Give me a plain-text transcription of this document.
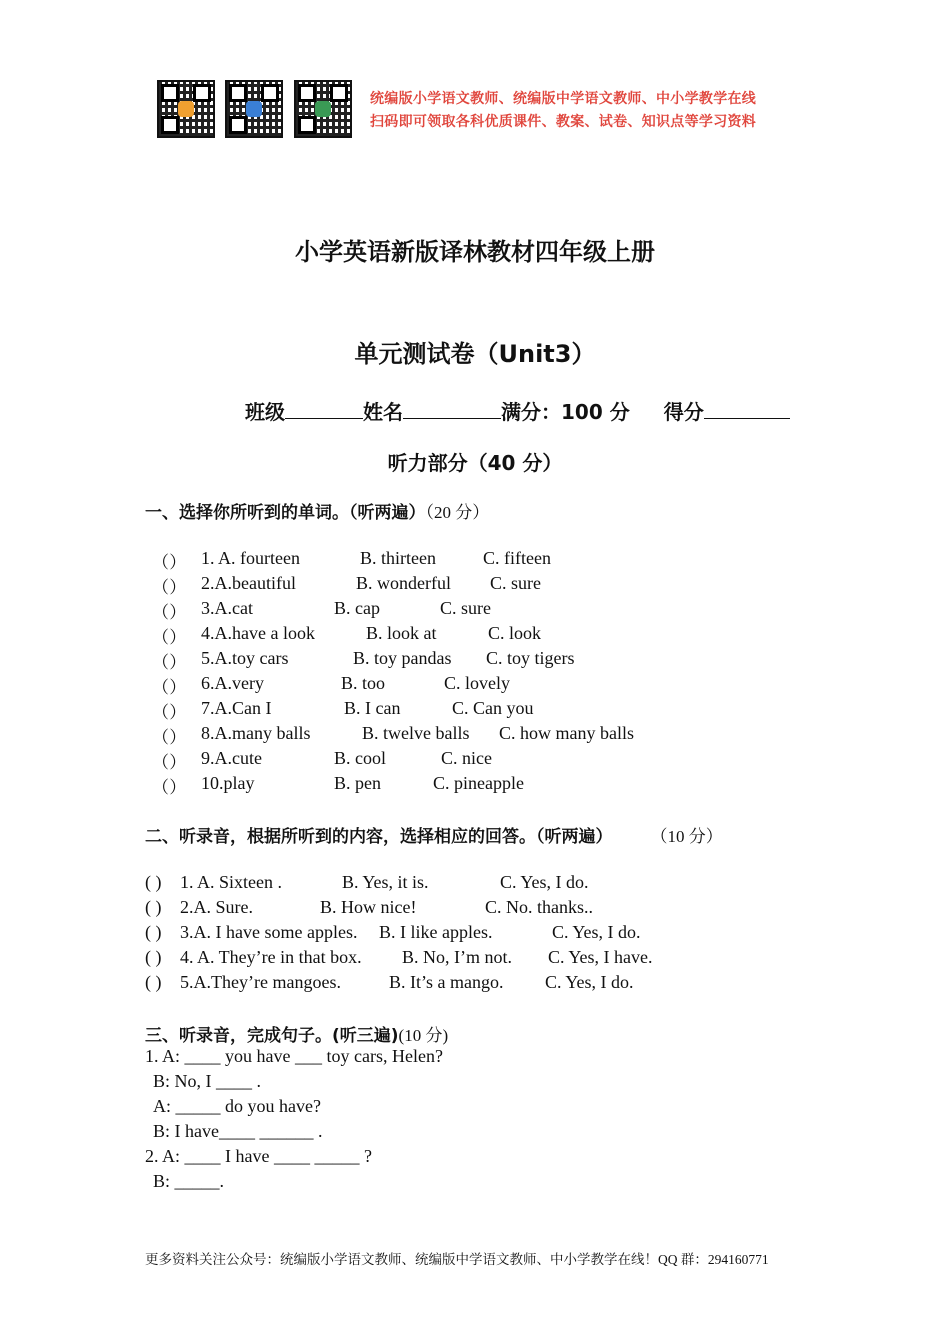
统编版小学语文教师、统编版中学语文教师、中小学教学在线
扫码即可领取各科优质课件、教案、试卷、知识点等学习资料
小学英语新版译林教材四年级上册
单元测试卷（Unit3）
班级	姓名	满分：100 分 得分
听力部分（40 分）
一、选择你所听到的单词。（听两遍）（20 分）
（ ） 1. A. fourteen	B. thirteen	C. fifteen
（ ） 2.A.beautiful	B. wonderful C. sure
（ ） 3.A.cat	B. cap	C. sure
（ ） 4.A.have a look	B. look at	C. look
（ ） 5.A.toy cars	B. toy pandas C. toy tigers
（ ） 6.A.very	B. too	C. lovely
（ ） 7.A.Can I	B. I can	C. Can you
（ ） 8.A.many balls	B. twelve balls C. how many balls
（ ） 9.A.cute	B. cool	C. nice
（ ） 10.play	B. pen	C. pineapple
二、听录音，根据所听到的内容，选择相应的回答。（听两遍） （10 分）
( ) 1. A. Sixteen .	B. Yes, it is.	C. Yes, I do.
( ) 2.A. Sure.	B. How nice!	C. No. thanks..
( ) 3.A. I have some apples. B. I like apples.	C. Yes, I do.
( ) 4. A. They’re in that box. B. No, I’m not. C. Yes, I have.
( ) 5.A.They’re mangoes.	B. It’s a mango. C. Yes, I do.
三、听录音，完成句子。(听三遍)(10 分)
1. A: ____ you have ___ toy cars, Helen?
B: No, I ____ .
A: _____ do you have?
B: I have____ ______ .
2. A: ____ I have ____ _____ ?
B: _____.
更多资料关注公众号：统编版小学语文教师、统编版中学语文教师、中小学教学在线！QQ 群：294160771
